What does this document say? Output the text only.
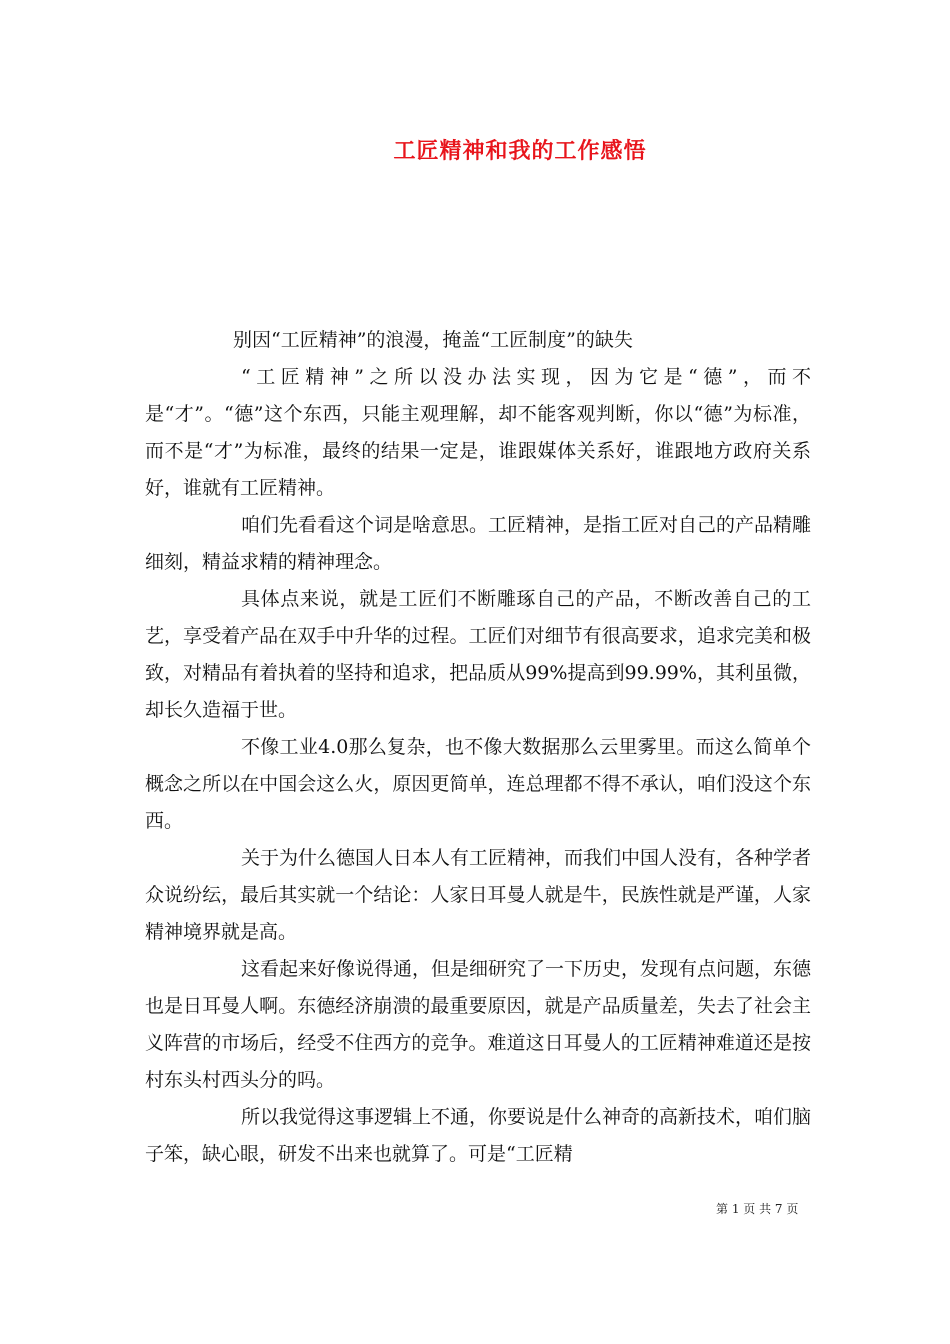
工匠精神和我的工作感悟

别因“工匠精神”的浪漫，掩盖“工匠制度”的缺失

“工匠精神”之所以没办法实现，因为它是“德”，而不是“才”。“德”这个东西，只能主观理解，却不能客观判断，你以“德”为标准，而不是“才”为标准，最终的结果一定是，谁跟媒体关系好，谁跟地方政府关系好，谁就有工匠精神。

咱们先看看这个词是啥意思。工匠精神，是指工匠对自己的产品精雕细刻，精益求精的精神理念。

具体点来说，就是工匠们不断雕琢自己的产品，不断改善自己的工艺，享受着产品在双手中升华的过程。工匠们对细节有很高要求，追求完美和极致，对精品有着执着的坚持和追求，把品质从99%提高到99.99%，其利虽微，却长久造福于世。

不像工业4.0那么复杂，也不像大数据那么云里雾里。而这么简单个概念之所以在中国会这么火，原因更简单，连总理都不得不承认，咱们没这个东西。

关于为什么德国人日本人有工匠精神，而我们中国人没有，各种学者众说纷纭，最后其实就一个结论：人家日耳曼人就是牛，民族性就是严谨，人家精神境界就是高。

这看起来好像说得通，但是细研究了一下历史，发现有点问题，东德也是日耳曼人啊。东德经济崩溃的最重要原因，就是产品质量差，失去了社会主义阵营的市场后，经受不住西方的竞争。难道这日耳曼人的工匠精神难道还是按村东头村西头分的吗。

所以我觉得这事逻辑上不通，你要说是什么神奇的高新技术，咱们脑子笨，缺心眼，研发不出来也就算了。可是“工匠精

第 1 页 共 7 页
